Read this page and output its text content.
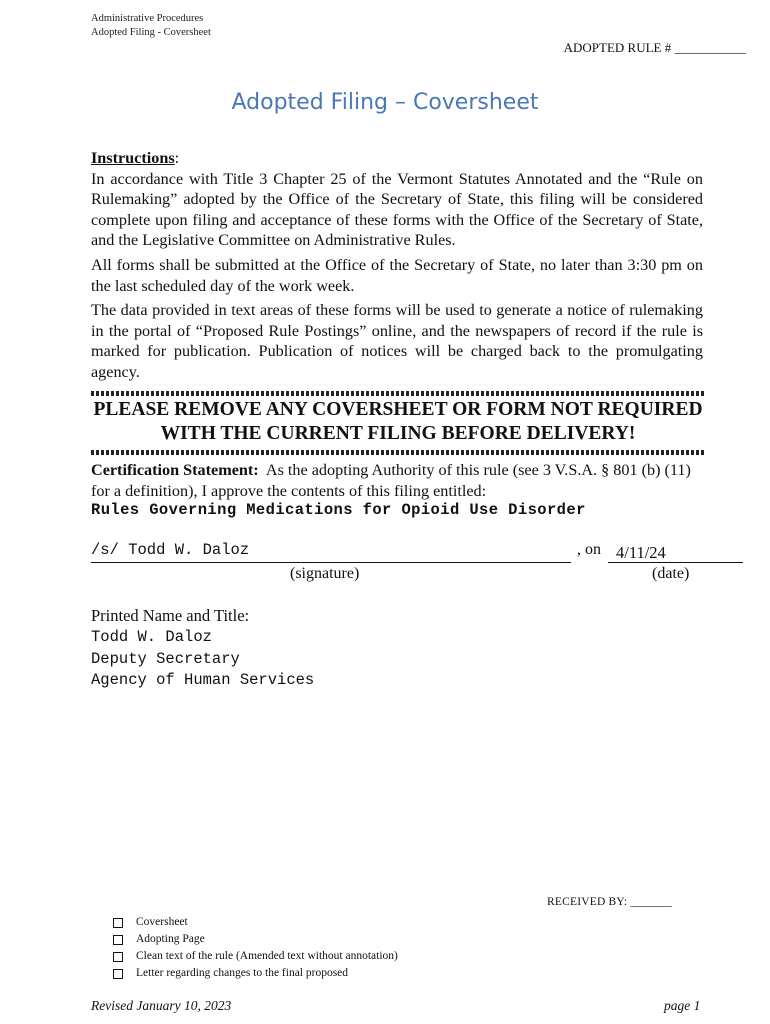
Administrative Procedures
Adopted Filing - Coversheet
ADOPTED RULE # ___________
Adopted Filing – Coversheet
Instructions:

In accordance with Title 3 Chapter 25 of the Vermont Statutes Annotated and the “Rule on Rulemaking” adopted by the Office of the Secretary of State, this filing will be considered complete upon filing and acceptance of these forms with the Office of the Secretary of State, and the Legislative Committee on Administrative Rules.

All forms shall be submitted at the Office of the Secretary of State, no later than 3:30 pm on the last scheduled day of the work week.

The data provided in text areas of these forms will be used to generate a notice of rulemaking in the portal of “Proposed Rule Postings” online, and the newspapers of record if the rule is marked for publication. Publication of notices will be charged back to the promulgating agency.

PLEASE REMOVE ANY COVERSHEET OR FORM NOT REQUIRED WITH THE CURRENT FILING BEFORE DELIVERY!
Certification Statement: As the adopting Authority of this rule (see 3 V.S.A. § 801 (b) (11) for a definition), I approve the contents of this filing entitled:
Rules Governing Medications for Opioid Use Disorder
/s/ Todd W. Daloz	, on 4/11/24
(signature)	(date)
Printed Name and Title:
Todd W. Daloz
Deputy Secretary
Agency of Human Services
RECEIVED BY: _______
Coversheet
Adopting Page
Clean text of the rule (Amended text without annotation)
Letter regarding changes to the final proposed
Revised January 10, 2023	page 1
